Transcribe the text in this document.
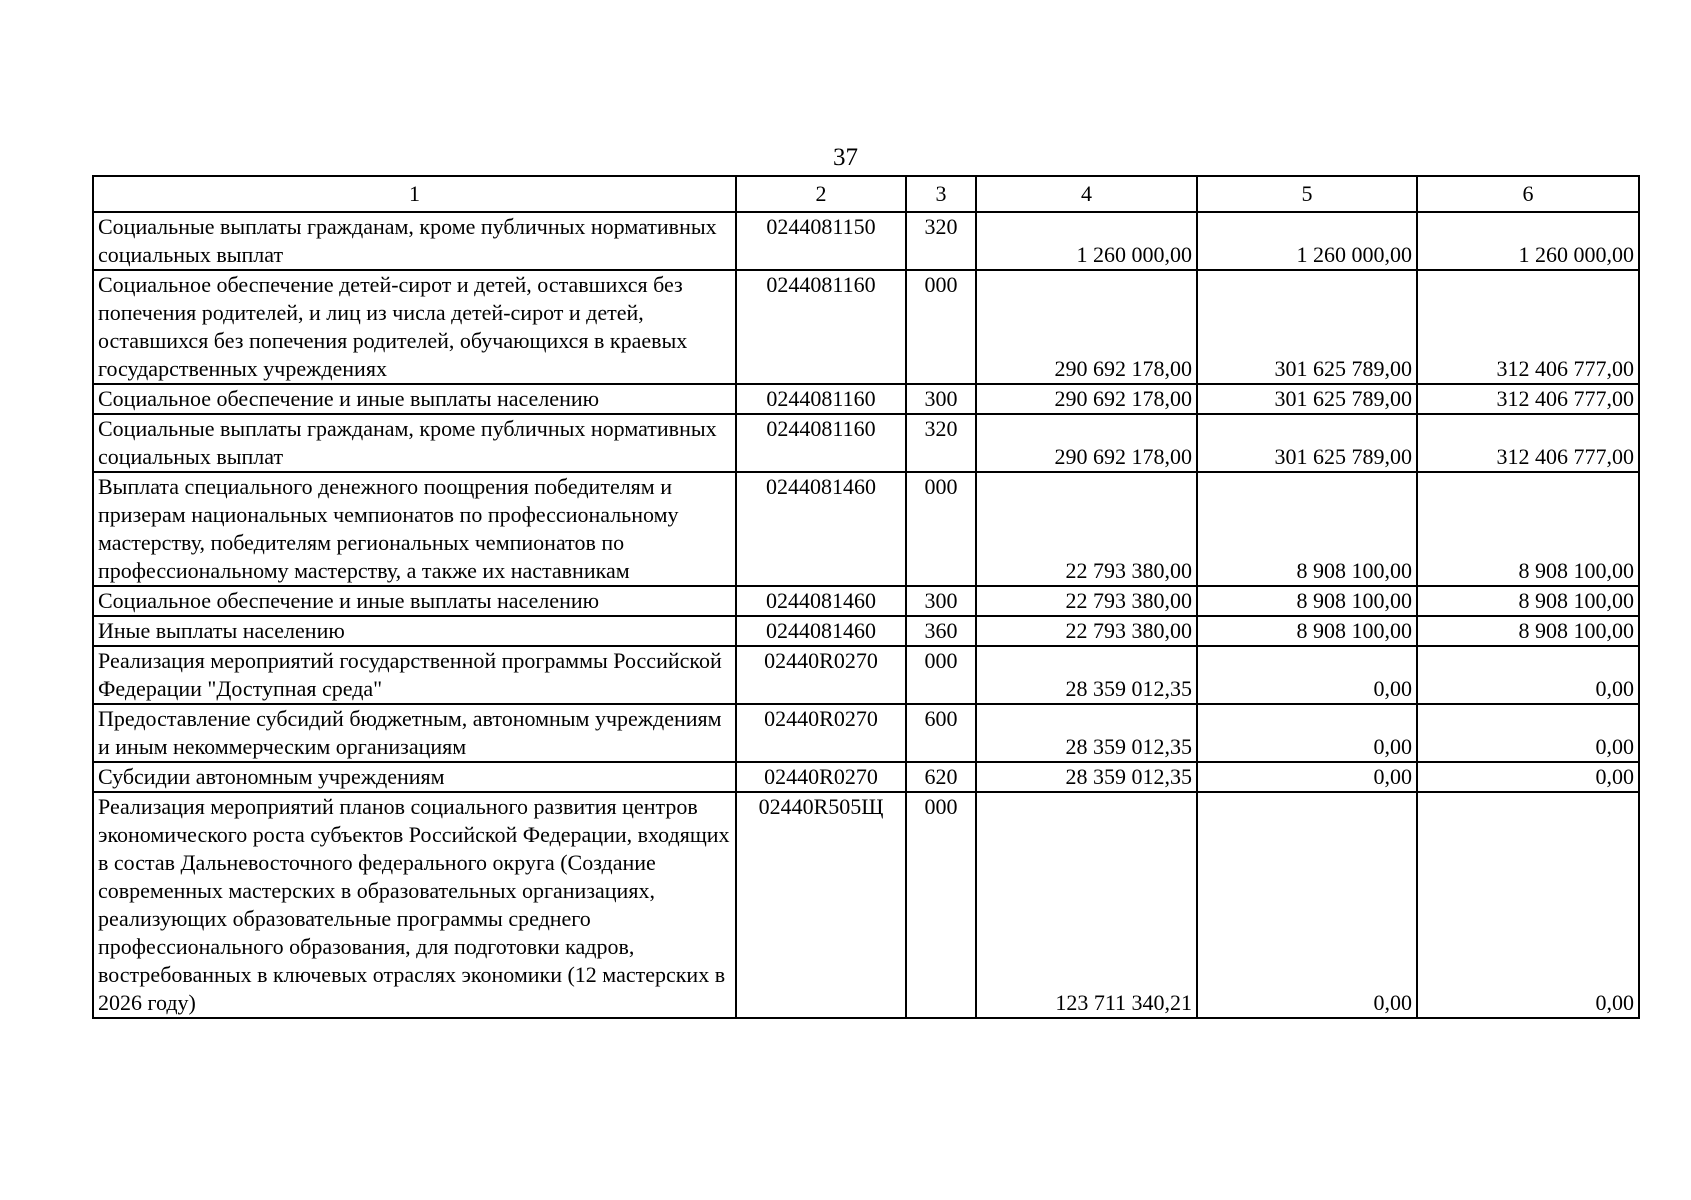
37
1	2	3	4	5	6
Социальные выплаты гражданам, кроме публичных нормативных социальных выплат	0244081150	320	1 260 000,00	1 260 000,00	1 260 000,00
Социальное обеспечение детей-сирот и детей, оставшихся без попечения родителей, и лиц из числа детей-сирот и детей, оставшихся без попечения родителей, обучающихся в краевых государственных учреждениях	0244081160	000	290 692 178,00	301 625 789,00	312 406 777,00
Социальное обеспечение и иные выплаты населению	0244081160	300	290 692 178,00	301 625 789,00	312 406 777,00
Социальные выплаты гражданам, кроме публичных нормативных социальных выплат	0244081160	320	290 692 178,00	301 625 789,00	312 406 777,00
Выплата специального денежного поощрения победителям и призерам национальных чемпионатов по профессиональному мастерству, победителям региональных чемпионатов по профессиональному мастерству, а также их наставникам	0244081460	000	22 793 380,00	8 908 100,00	8 908 100,00
Социальное обеспечение и иные выплаты населению	0244081460	300	22 793 380,00	8 908 100,00	8 908 100,00
Иные выплаты населению	0244081460	360	22 793 380,00	8 908 100,00	8 908 100,00
Реализация мероприятий государственной программы Российской Федерации "Доступная среда"	02440R0270	000	28 359 012,35	0,00	0,00
Предоставление субсидий бюджетным, автономным учреждениям и иным некоммерческим организациям	02440R0270	600	28 359 012,35	0,00	0,00
Субсидии автономным учреждениям	02440R0270	620	28 359 012,35	0,00	0,00
Реализация мероприятий планов социального развития центров экономического роста субъектов Российской Федерации, входящих в состав Дальневосточного федерального округа (Создание современных мастерских в образовательных организациях, реализующих образовательные программы среднего профессионального образования, для подготовки кадров, востребованных в ключевых отраслях экономики (12 мастерских в 2026 году)	02440R505Щ	000	123 711 340,21	0,00	0,00
